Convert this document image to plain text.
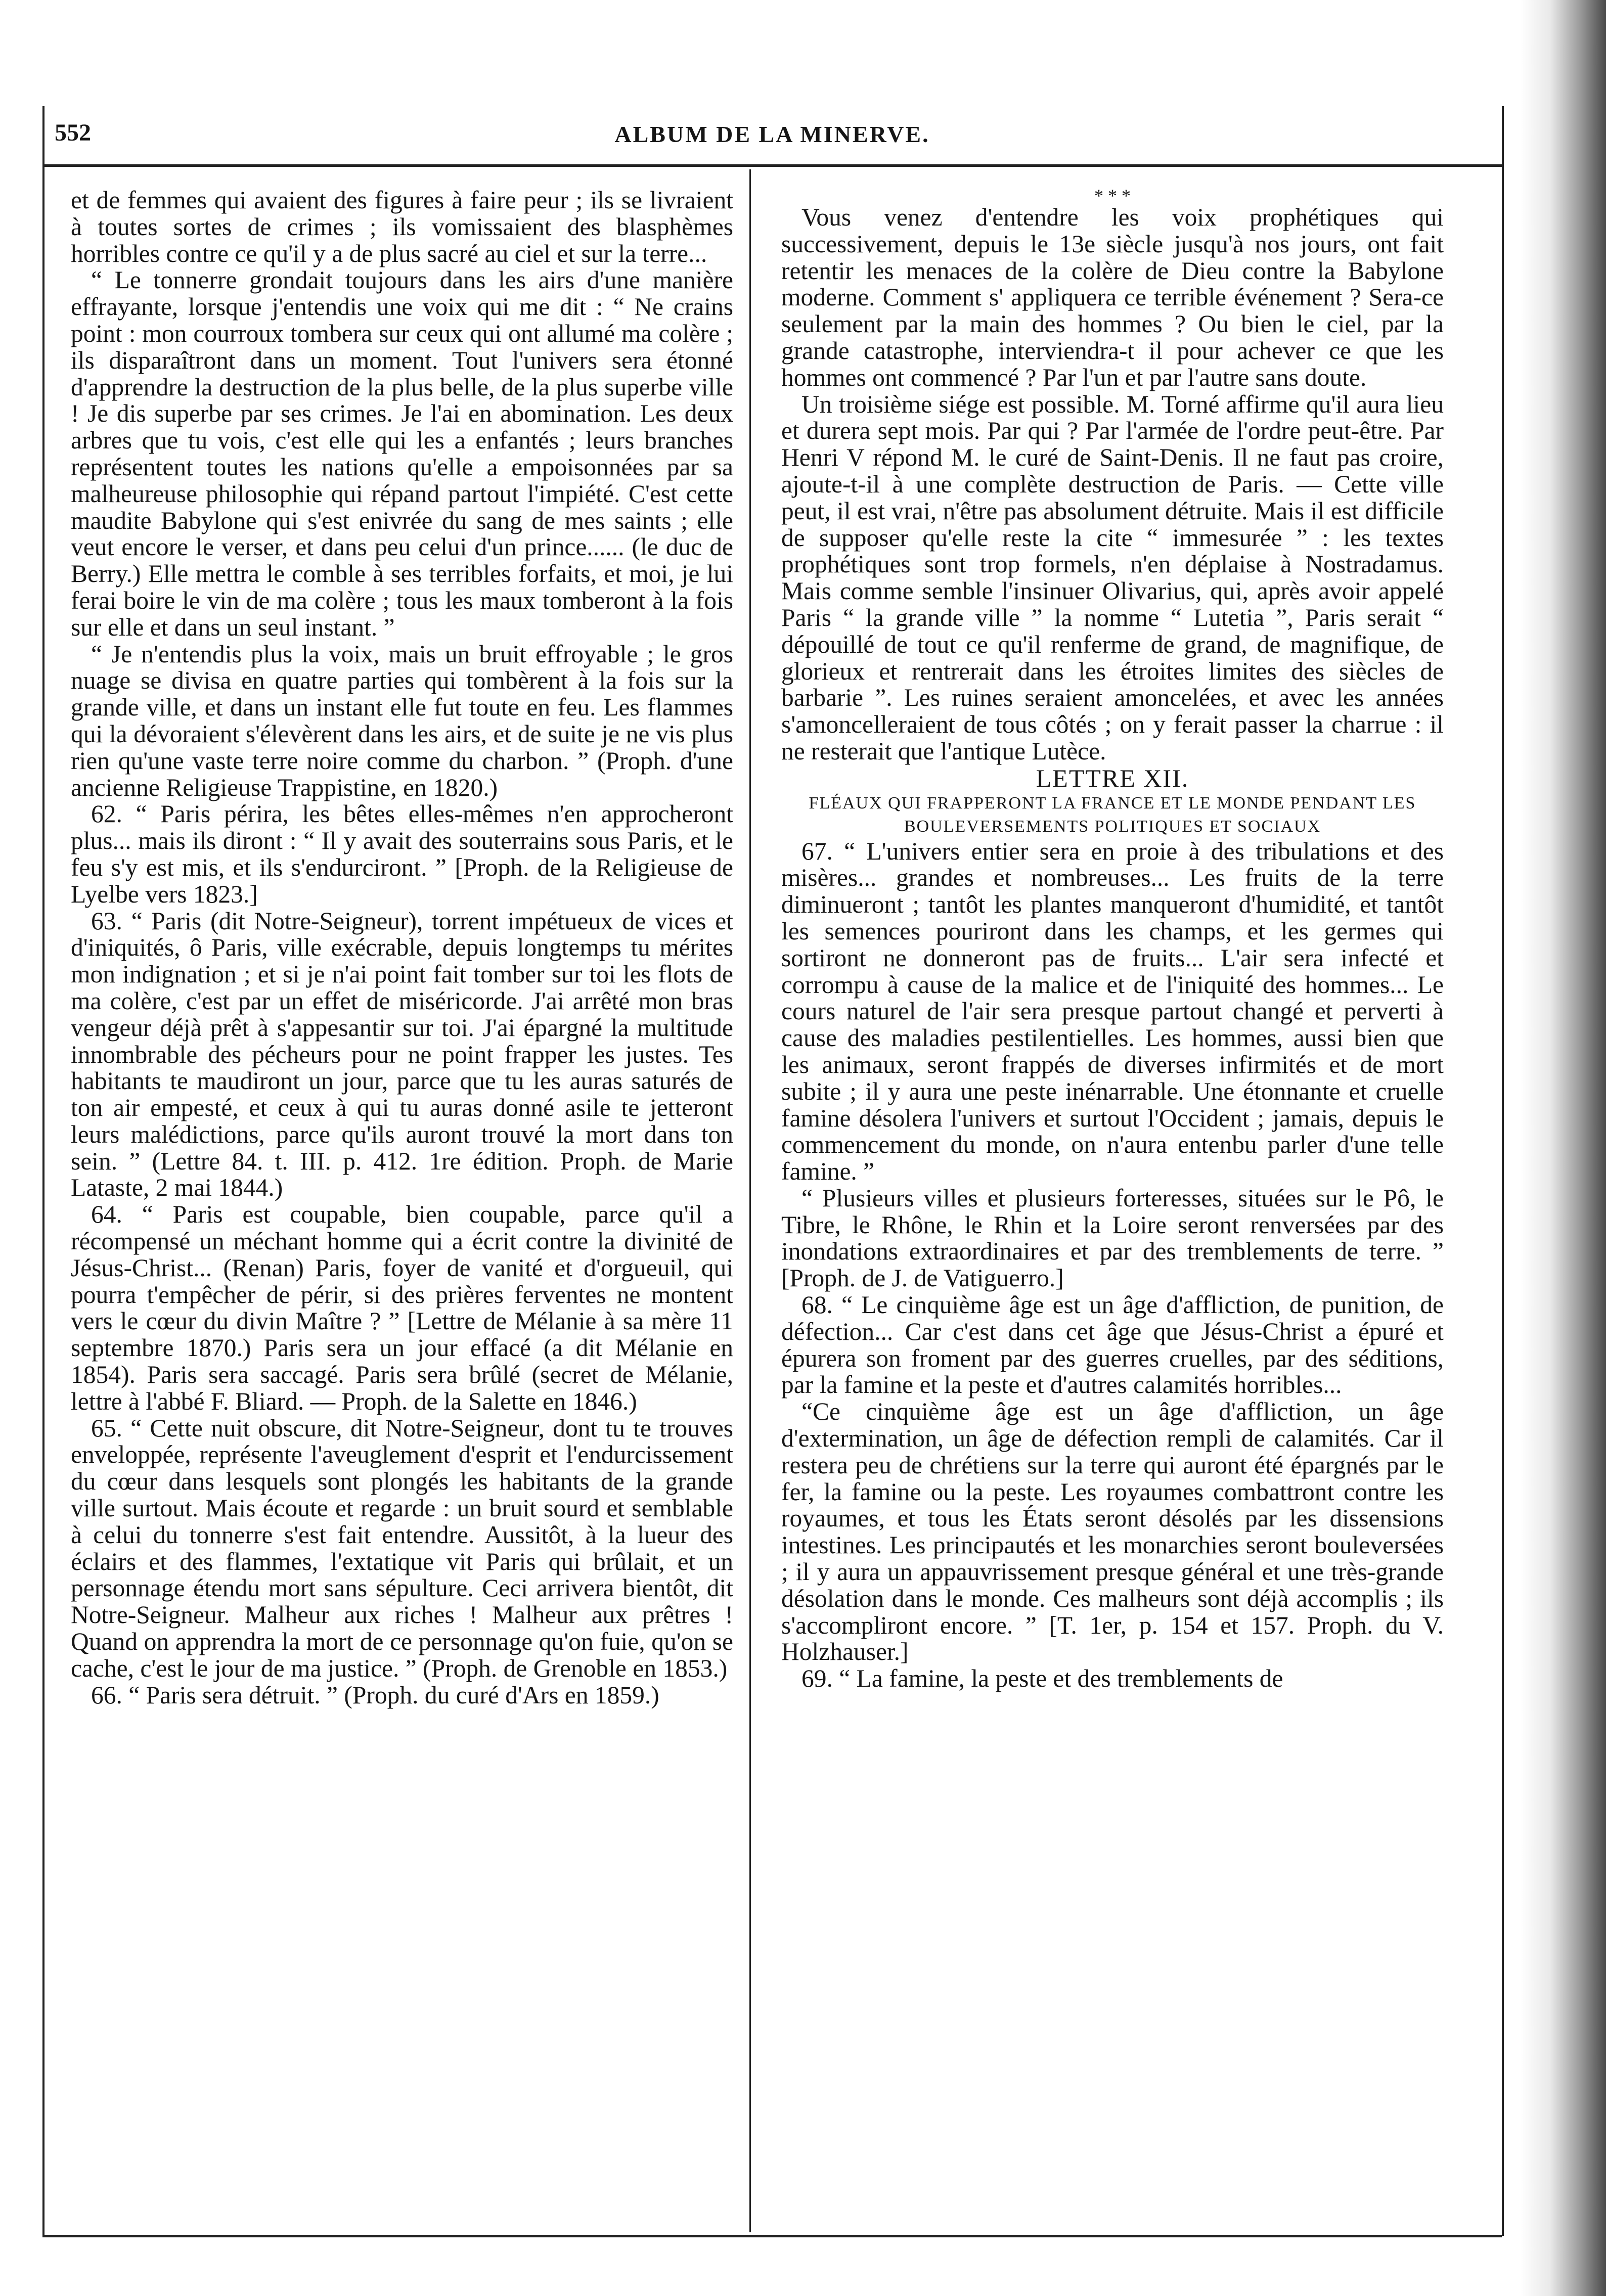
552	ALBUM DE LA MINERVE.

et de femmes qui avaient des figures à faire peur ; ils se livraient à toutes sortes de crimes ; ils vomissaient des blasphèmes horribles contre ce qu'il y a de plus sacré au ciel et sur la terre...

“ Le tonnerre grondait toujours dans les airs d'une manière effrayante, lorsque j'entendis une voix qui me dit : “ Ne crains point : mon courroux tombera sur ceux qui ont allumé ma colère ; ils disparaîtront dans un moment. Tout l'univers sera étonné d'apprendre la destruction de la plus belle, de la plus superbe ville ! Je dis superbe par ses crimes. Je l'ai en abomination. Les deux arbres que tu vois, c'est elle qui les a enfantés ; leurs branches représentent toutes les nations qu'elle a empoisonnées par sa malheureuse philosophie qui répand partout l'impiété. C'est cette maudite Babylone qui s'est enivrée du sang de mes saints ; elle veut encore le verser, et dans peu celui d'un prince...... (le duc de Berry.) Elle mettra le comble à ses terribles forfaits, et moi, je lui ferai boire le vin de ma colère ; tous les maux tomberont à la fois sur elle et dans un seul instant. ”

“ Je n'entendis plus la voix, mais un bruit effroyable ; le gros nuage se divisa en quatre parties qui tombèrent à la fois sur la grande ville, et dans un instant elle fut toute en feu. Les flammes qui la dévoraient s'élevèrent dans les airs, et de suite je ne vis plus rien qu'une vaste terre noire comme du charbon. ” (Proph. d'une ancienne Religieuse Trappistine, en 1820.)

62. “ Paris périra, les bêtes elles-mêmes n'en approcheront plus... mais ils diront : “ Il y avait des souterrains sous Paris, et le feu s'y est mis, et ils s'endurciront. ” [Proph. de la Religieuse de Lyelbe vers 1823.]

63. “ Paris (dit Notre-Seigneur), torrent impétueux de vices et d'iniquités, ô Paris, ville exécrable, depuis longtemps tu mérites mon indignation ; et si je n'ai point fait tomber sur toi les flots de ma colère, c'est par un effet de miséricorde. J'ai arrêté mon bras vengeur déjà prêt à s'appesantir sur toi. J'ai épargné la multitude innombrable des pécheurs pour ne point frapper les justes. Tes habitants te maudiront un jour, parce que tu les auras saturés de ton air empesté, et ceux à qui tu auras donné asile te jetteront leurs malédictions, parce qu'ils auront trouvé la mort dans ton sein. ” (Lettre 84. t. III. p. 412. 1re édition. Proph. de Marie Lataste, 2 mai 1844.)

64. “ Paris est coupable, bien coupable, parce qu'il a récompensé un méchant homme qui a écrit contre la divinité de Jésus-Christ... (Renan) Paris, foyer de vanité et d'orgueuil, qui pourra t'empêcher de périr, si des prières ferventes ne montent vers le cœur du divin Maître ? ” [Lettre de Mélanie à sa mère 11 septembre 1870.) Paris sera un jour effacé (a dit Mélanie en 1854). Paris sera saccagé. Paris sera brûlé (secret de Mélanie, lettre à l'abbé F. Bliard. — Proph. de la Salette en 1846.)

65. “ Cette nuit obscure, dit Notre-Seigneur, dont tu te trouves enveloppée, représente l'aveuglement d'esprit et l'endurcissement du cœur dans lesquels sont plongés les habitants de la grande ville surtout. Mais écoute et regarde : un bruit sourd et semblable à celui du tonnerre s'est fait entendre. Aussitôt, à la lueur des éclairs et des flammes, l'extatique vit Paris qui brûlait, et un personnage étendu mort sans sépulture. Ceci arrivera bientôt, dit Notre-Seigneur. Malheur aux riches ! Malheur aux prêtres ! Quand on apprendra la mort de ce personnage qu'on fuie, qu'on se cache, c'est le jour de ma justice. ” (Proph. de Grenoble en 1853.)

66. “ Paris sera détruit. ” (Proph. du curé d'Ars en 1859.)

* * *

Vous venez d'entendre les voix prophétiques qui successivement, depuis le 13e siècle jusqu'à nos jours, ont fait retentir les menaces de la colère de Dieu contre la Babylone moderne. Comment s' appliquera ce terrible événement ? Sera-ce seulement par la main des hommes ? Ou bien le ciel, par la grande catastrophe, interviendra-t il pour achever ce que les hommes ont commencé ? Par l'un et par l'autre sans doute.

Un troisième siége est possible. M. Torné affirme qu'il aura lieu et durera sept mois. Par qui ? Par l'armée de l'ordre peut-être. Par Henri V répond M. le curé de Saint-Denis. Il ne faut pas croire, ajoute-t-il à une complète destruction de Paris. — Cette ville peut, il est vrai, n'être pas absolument détruite. Mais il est difficile de supposer qu'elle reste la cite “ immesurée ” : les textes prophétiques sont trop formels, n'en déplaise à Nostradamus. Mais comme semble l'insinuer Olivarius, qui, après avoir appelé Paris “ la grande ville ” la nomme “ Lutetia ”, Paris serait “ dépouillé de tout ce qu'il renferme de grand, de magnifique, de glorieux et rentrerait dans les étroites limites des siècles de barbarie ”. Les ruines seraient amoncelées, et avec les années s'amoncelleraient de tous côtés ; on y ferait passer la charrue : il ne resterait que l'antique Lutèce.

LETTRE XII.

FLÉAUX QUI FRAPPERONT LA FRANCE ET LE MONDE PENDANT LES BOULEVERSEMENTS POLITIQUES ET SOCIAUX

67. “ L'univers entier sera en proie à des tribulations et des misères... grandes et nombreuses... Les fruits de la terre diminueront ; tantôt les plantes manqueront d'humidité, et tantôt les semences pouriront dans les champs, et les germes qui sortiront ne donneront pas de fruits... L'air sera infecté et corrompu à cause de la malice et de l'iniquité des hommes... Le cours naturel de l'air sera presque partout changé et perverti à cause des maladies pestilentielles. Les hommes, aussi bien que les animaux, seront frappés de diverses infirmités et de mort subite ; il y aura une peste inénarrable. Une étonnante et cruelle famine désolera l'univers et surtout l'Occident ; jamais, depuis le commencement du monde, on n'aura entenbu parler d'une telle famine. ”

“ Plusieurs villes et plusieurs forteresses, situées sur le Pô, le Tibre, le Rhône, le Rhin et la Loire seront renversées par des inondations extraordinaires et par des tremblements de terre. ” [Proph. de J. de Vatiguerro.]

68. “ Le cinquième âge est un âge d'affliction, de punition, de défection... Car c'est dans cet âge que Jésus-Christ a épuré et épurera son froment par des guerres cruelles, par des séditions, par la famine et la peste et d'autres calamités horribles...

“Ce cinquième âge est un âge d'affliction, un âge d'extermination, un âge de défection rempli de calamités. Car il restera peu de chrétiens sur la terre qui auront été épargnés par le fer, la famine ou la peste. Les royaumes combattront contre les royaumes, et tous les États seront désolés par les dissensions intestines. Les principautés et les monarchies seront bouleversées ; il y aura un appauvrissement presque général et une très-grande désolation dans le monde. Ces malheurs sont déjà accomplis ; ils s'accompliront encore. ” [T. 1er, p. 154 et 157. Proph. du V. Holzhauser.]

69. “ La famine, la peste et des tremblements de
